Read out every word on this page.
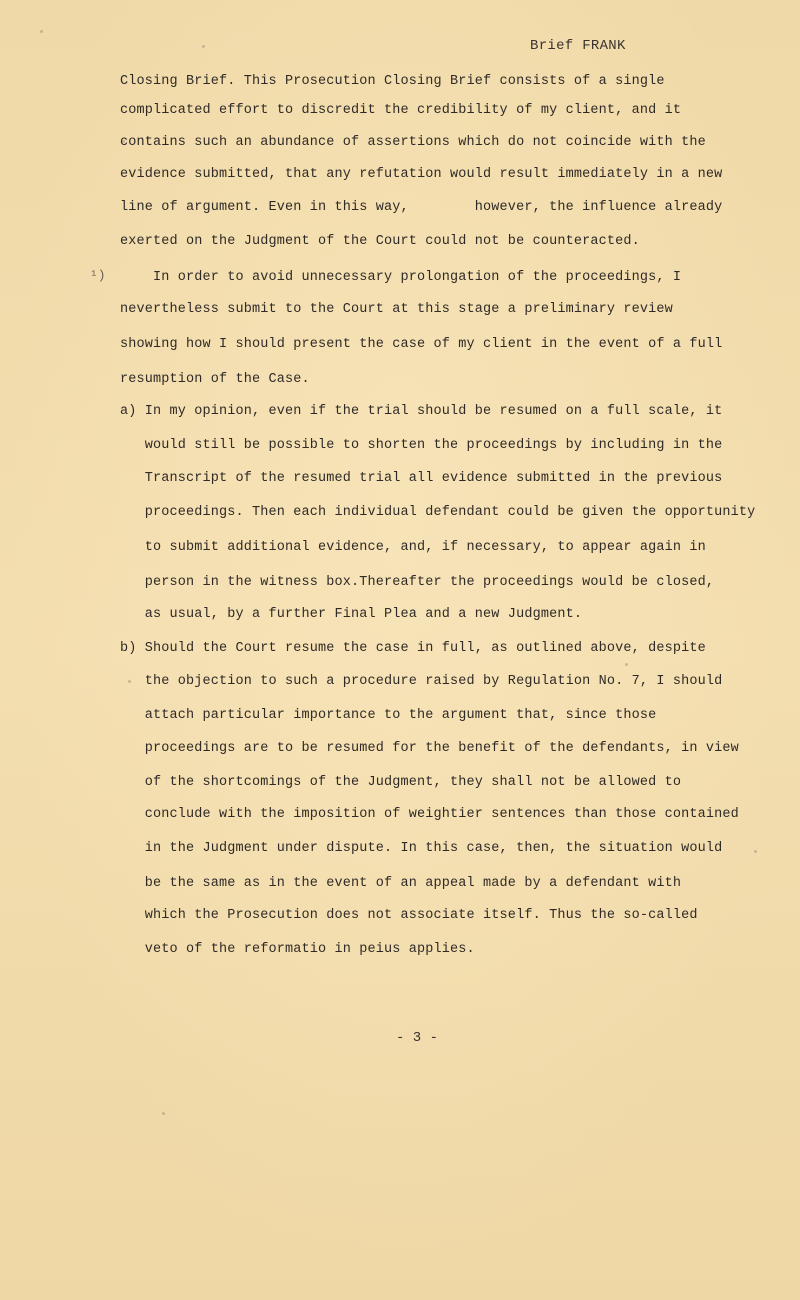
Brief FRANK
¹)
Closing Brief. This Prosecution Closing Brief consists of a single
complicated effort to discredit the credibility of my client, and it
contains such an abundance of assertions which do not coincide with the
evidence submitted, that any refutation would result immediately in a new
line of argument. Even in this way,        however, the influence already
exerted on the Judgment of the Court could not be counteracted.
In order to avoid unnecessary prolongation of the proceedings, I
nevertheless submit to the Court at this stage a preliminary review
showing how I should present the case of my client in the event of a full
resumption of the Case.
a) In my opinion, even if the trial should be resumed on a full scale, it
would still be possible to shorten the proceedings by including in the
Transcript of the resumed trial all evidence submitted in the previous
proceedings. Then each individual defendant could be given the opportunity
to submit additional evidence, and, if necessary, to appear again in
person in the witness box.Thereafter the proceedings would be closed,
as usual, by a further Final Plea and a new Judgment.
b) Should the Court resume the case in full, as outlined above, despite
the objection to such a procedure raised by Regulation No. 7, I should
attach particular importance to the argument that, since those
proceedings are to be resumed for the benefit of the defendants, in view
of the shortcomings of the Judgment, they shall not be allowed to
conclude with the imposition of weightier sentences than those contained
in the Judgment under dispute. In this case, then, the situation would
be the same as in the event of an appeal made by a defendant with
which the Prosecution does not associate itself. Thus the so-called
veto of the reformatio in peius applies.
- 3 -
